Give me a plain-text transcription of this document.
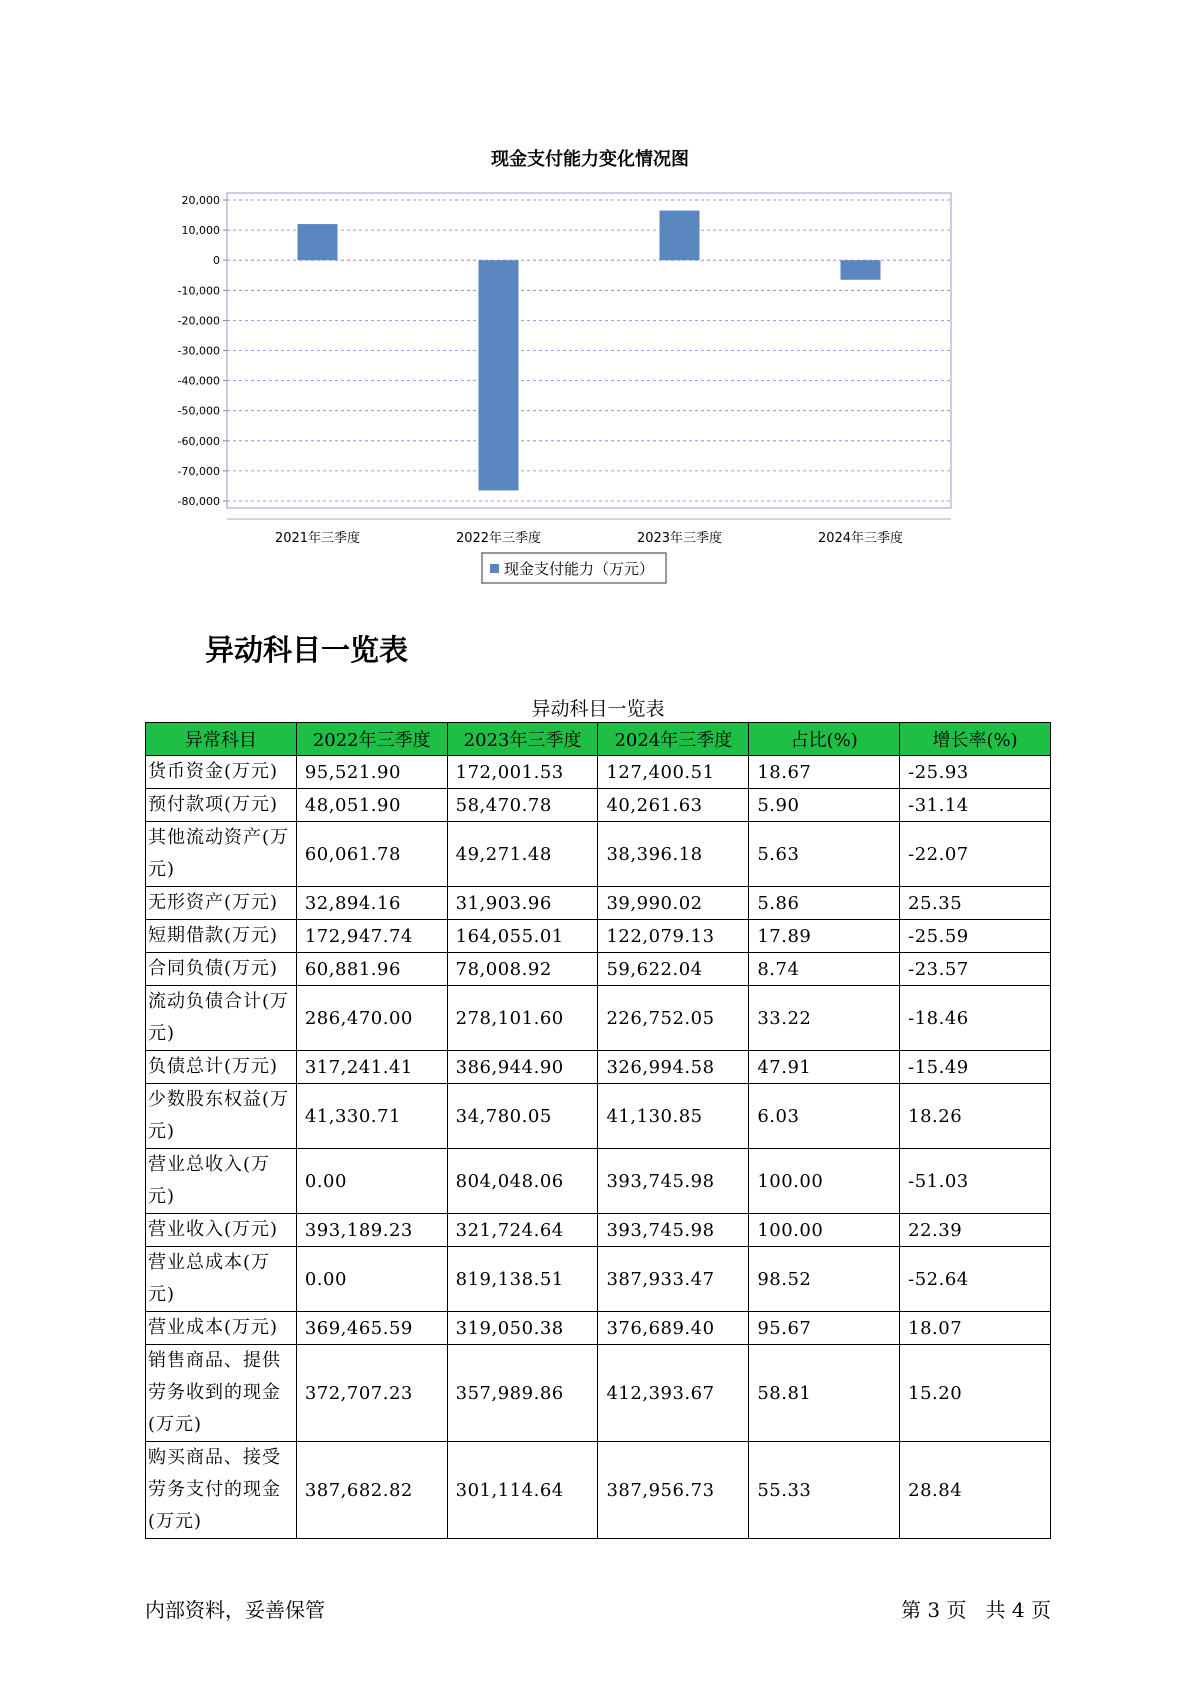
现金支付能力变化情况图
20,000
10,000
0
-10,000
-20,000
-30,000
-40,000
-50,000
-60,000
-70,000
-80,000
2021年三季度	2022年三季度	2023年三季度	2024年三季度
现金支付能力（万元）
异动科目一览表
异动科目一览表
异常科目	2022年三季度	2023年三季度	2024年三季度	占比(%)	增长率(%)
货币资金(万元)	95,521.90	172,001.53	127,400.51	18.67	-25.93
预付款项(万元)	48,051.90	58,470.78	40,261.63	5.90	-31.14
其他流动资产(万元)	60,061.78	49,271.48	38,396.18	5.63	-22.07
无形资产(万元)	32,894.16	31,903.96	39,990.02	5.86	25.35
短期借款(万元)	172,947.74	164,055.01	122,079.13	17.89	-25.59
合同负债(万元)	60,881.96	78,008.92	59,622.04	8.74	-23.57
流动负债合计(万元)	286,470.00	278,101.60	226,752.05	33.22	-18.46
负债总计(万元)	317,241.41	386,944.90	326,994.58	47.91	-15.49
少数股东权益(万元)	41,330.71	34,780.05	41,130.85	6.03	18.26
营业总收入(万元)	0.00	804,048.06	393,745.98	100.00	-51.03
营业收入(万元)	393,189.23	321,724.64	393,745.98	100.00	22.39
营业总成本(万元)	0.00	819,138.51	387,933.47	98.52	-52.64
营业成本(万元)	369,465.59	319,050.38	376,689.40	95.67	18.07
销售商品、提供劳务收到的现金(万元)	372,707.23	357,989.86	412,393.67	58.81	15.20
购买商品、接受劳务支付的现金(万元)	387,682.82	301,114.64	387,956.73	55.33	28.84
内部资料，妥善保管	第 3 页   共 4 页
